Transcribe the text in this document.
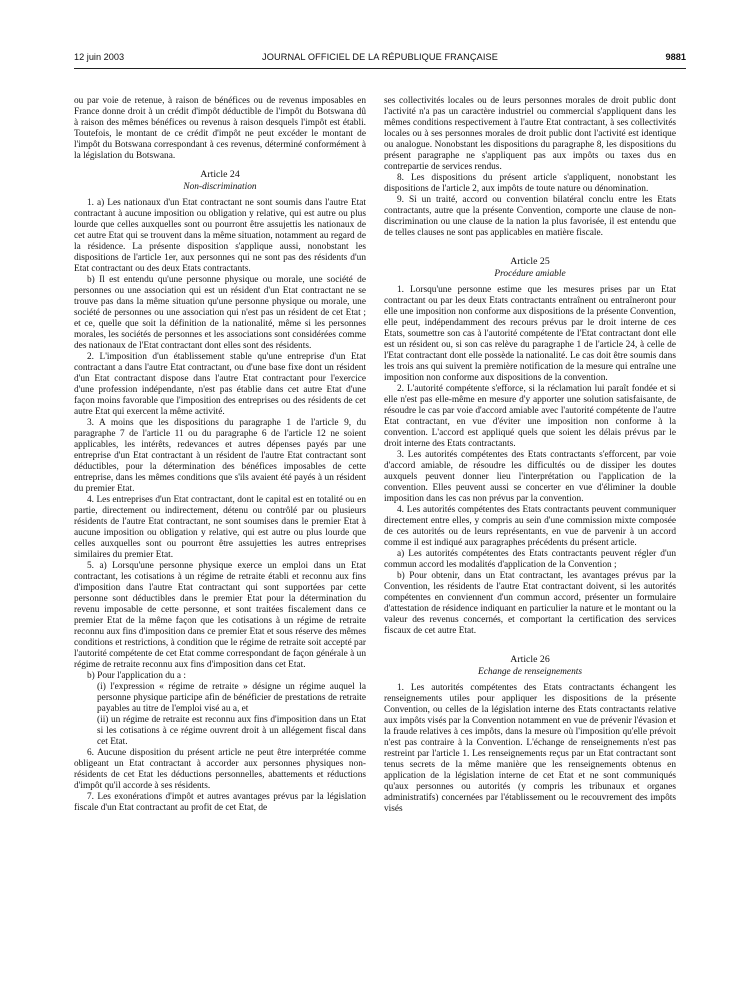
12 juin 2003	JOURNAL OFFICIEL DE LA RÉPUBLIQUE FRANÇAISE	9881

ou par voie de retenue, à raison de bénéfices ou de revenus imposables en France donne droit à un crédit d'impôt déductible de l'impôt du Botswana dû à raison des mêmes bénéfices ou revenus à raison desquels l'impôt est établi. Toutefois, le montant de ce crédit d'impôt ne peut excéder le montant de l'impôt du Botswana correspondant à ces revenus, déterminé conformément à la législation du Botswana.

Article 24
Non-discrimination

1. a) Les nationaux d'un Etat contractant ne sont soumis dans l'autre Etat contractant à aucune imposition ou obligation y relative, qui est autre ou plus lourde que celles auxquelles sont ou pourront être assujettis les nationaux de cet autre Etat qui se trouvent dans la même situation, notamment au regard de la résidence. La présente disposition s'applique aussi, nonobstant les dispositions de l'article 1er, aux personnes qui ne sont pas des résidents d'un Etat contractant ou des deux Etats contractants.

b) Il est entendu qu'une personne physique ou morale, une société de personnes ou une association qui est un résident d'un Etat contractant ne se trouve pas dans la même situation qu'une personne physique ou morale, une société de personnes ou une association qui n'est pas un résident de cet Etat ; et ce, quelle que soit la définition de la nationalité, même si les personnes morales, les sociétés de personnes et les associations sont considérées comme des nationaux de l'Etat contractant dont elles sont des résidents.

2. L'imposition d'un établissement stable qu'une entreprise d'un Etat contractant a dans l'autre Etat contractant, ou d'une base fixe dont un résident d'un Etat contractant dispose dans l'autre Etat contractant pour l'exercice d'une profession indépendante, n'est pas établie dans cet autre Etat d'une façon moins favorable que l'imposition des entreprises ou des résidents de cet autre Etat qui exercent la même activité.

3. A moins que les dispositions du paragraphe 1 de l'article 9, du paragraphe 7 de l'article 11 ou du paragraphe 6 de l'article 12 ne soient applicables, les intérêts, redevances et autres dépenses payés par une entreprise d'un Etat contractant à un résident de l'autre Etat contractant sont déductibles, pour la détermination des bénéfices imposables de cette entreprise, dans les mêmes conditions que s'ils avaient été payés à un résident du premier Etat.

4. Les entreprises d'un Etat contractant, dont le capital est en totalité ou en partie, directement ou indirectement, détenu ou contrôlé par ou plusieurs résidents de l'autre Etat contractant, ne sont soumises dans le premier Etat à aucune imposition ou obligation y relative, qui est autre ou plus lourde que celles auxquelles sont ou pourront être assujetties les autres entreprises similaires du premier Etat.

5. a) Lorsqu'une personne physique exerce un emploi dans un Etat contractant, les cotisations à un régime de retraite établi et reconnu aux fins d'imposition dans l'autre Etat contractant qui sont supportées par cette personne sont déductibles dans le premier Etat pour la détermination du revenu imposable de cette personne, et sont traitées fiscalement dans ce premier Etat de la même façon que les cotisations à un régime de retraite reconnu aux fins d'imposition dans ce premier Etat et sous réserve des mêmes conditions et restrictions, à condition que le régime de retraite soit accepté par l'autorité compétente de cet Etat comme correspondant de façon générale à un régime de retraite reconnu aux fins d'imposition dans cet Etat.

b) Pour l'application du a :

(i) l'expression « régime de retraite » désigne un régime auquel la personne physique participe afin de bénéficier de prestations de retraite payables au titre de l'emploi visé au a, et

(ii) un régime de retraite est reconnu aux fins d'imposition dans un Etat si les cotisations à ce régime ouvrent droit à un allégement fiscal dans cet Etat.

6. Aucune disposition du présent article ne peut être interprétée comme obligeant un Etat contractant à accorder aux personnes physiques non-résidents de cet Etat les déductions personnelles, abattements et réductions d'impôt qu'il accorde à ses résidents.

7. Les exonérations d'impôt et autres avantages prévus par la législation fiscale d'un Etat contractant au profit de cet Etat, de

ses collectivités locales ou de leurs personnes morales de droit public dont l'activité n'a pas un caractère industriel ou commercial s'appliquent dans les mêmes conditions respectivement à l'autre Etat contractant, à ses collectivités locales ou à ses personnes morales de droit public dont l'activité est identique ou analogue. Nonobstant les dispositions du paragraphe 8, les dispositions du présent paragraphe ne s'appliquent pas aux impôts ou taxes dus en contrepartie de services rendus.

8. Les dispositions du présent article s'appliquent, nonobstant les dispositions de l'article 2, aux impôts de toute nature ou dénomination.

9. Si un traité, accord ou convention bilatéral conclu entre les Etats contractants, autre que la présente Convention, comporte une clause de non-discrimination ou une clause de la nation la plus favorisée, il est entendu que de telles clauses ne sont pas applicables en matière fiscale.

Article 25
Procédure amiable

1. Lorsqu'une personne estime que les mesures prises par un Etat contractant ou par les deux Etats contractants entraînent ou entraîneront pour elle une imposition non conforme aux dispositions de la présente Convention, elle peut, indépendamment des recours prévus par le droit interne de ces Etats, soumettre son cas à l'autorité compétente de l'Etat contractant dont elle est un résident ou, si son cas relève du paragraphe 1 de l'article 24, à celle de l'Etat contractant dont elle possède la nationalité. Le cas doit être soumis dans les trois ans qui suivent la première notification de la mesure qui entraîne une imposition non conforme aux dispositions de la convention.

2. L'autorité compétente s'efforce, si la réclamation lui paraît fondée et si elle n'est pas elle-même en mesure d'y apporter une solution satisfaisante, de résoudre le cas par voie d'accord amiable avec l'autorité compétente de l'autre Etat contractant, en vue d'éviter une imposition non conforme à la convention. L'accord est appliqué quels que soient les délais prévus par le droit interne des Etats contractants.

3. Les autorités compétentes des Etats contractants s'efforcent, par voie d'accord amiable, de résoudre les difficultés ou de dissiper les doutes auxquels peuvent donner lieu l'interprétation ou l'application de la convention. Elles peuvent aussi se concerter en vue d'éliminer la double imposition dans les cas non prévus par la convention.

4. Les autorités compétentes des Etats contractants peuvent communiquer directement entre elles, y compris au sein d'une commission mixte composée de ces autorités ou de leurs représentants, en vue de parvenir à un accord comme il est indiqué aux paragraphes précédents du présent article.

a) Les autorités compétentes des Etats contractants peuvent régler d'un commun accord les modalités d'application de la Convention ;

b) Pour obtenir, dans un Etat contractant, les avantages prévus par la Convention, les résidents de l'autre Etat contractant doivent, si les autorités compétentes en conviennent d'un commun accord, présenter un formulaire d'attestation de résidence indiquant en particulier la nature et le montant ou la valeur des revenus concernés, et comportant la certification des services fiscaux de cet autre Etat.

Article 26
Echange de renseignements

1. Les autorités compétentes des Etats contractants échangent les renseignements utiles pour appliquer les dispositions de la présente Convention, ou celles de la législation interne des Etats contractants relative aux impôts visés par la Convention notamment en vue de prévenir l'évasion et la fraude relatives à ces impôts, dans la mesure où l'imposition qu'elle prévoit n'est pas contraire à la Convention. L'échange de renseignements n'est pas restreint par l'article 1. Les renseignements reçus par un Etat contractant sont tenus secrets de la même manière que les renseignements obtenus en application de la législation interne de cet Etat et ne sont communiqués qu'aux personnes ou autorités (y compris les tribunaux et organes administratifs) concernées par l'établissement ou le recouvrement des impôts visés
